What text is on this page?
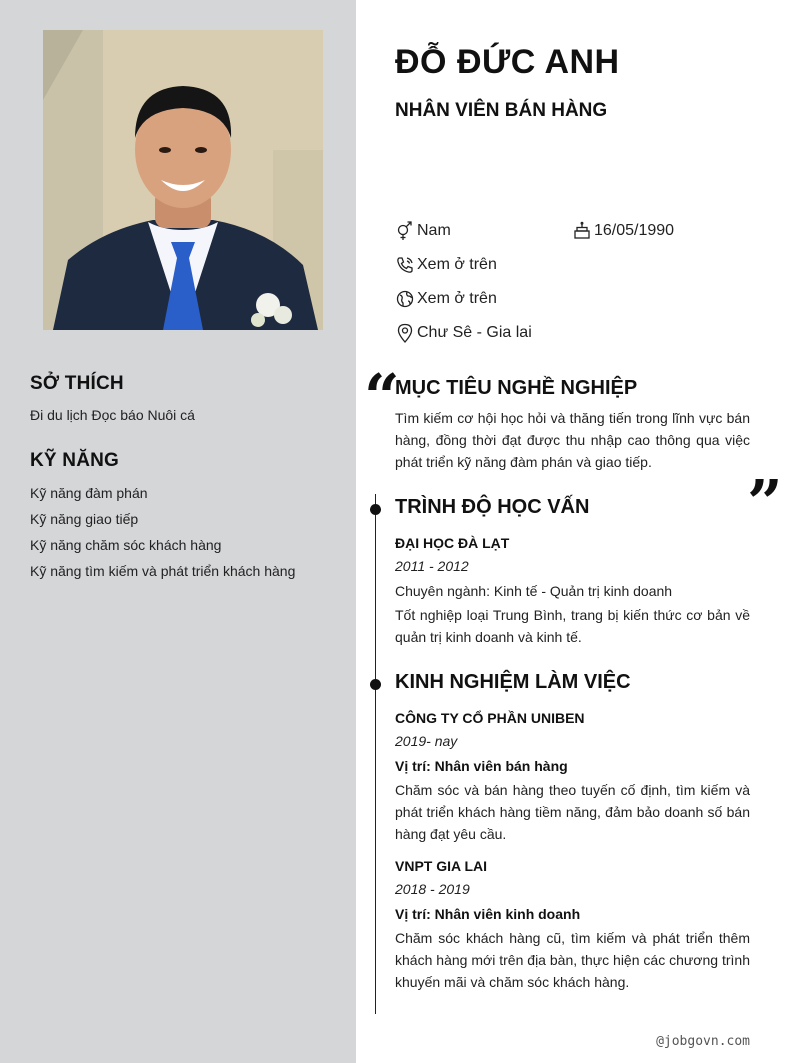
SỞ THÍCH
Đi du lịch Đọc báo Nuôi cá
KỸ NĂNG
Kỹ năng đàm phán
Kỹ năng giao tiếp
Kỹ năng chăm sóc khách hàng
Kỹ năng tìm kiếm và phát triển khách hàng
ĐỖ ĐỨC ANH
NHÂN VIÊN BÁN HÀNG
Nam	16/05/1990
Xem ở trên
Xem ở trên
Chư Sê - Gia lai
“
”
MỤC TIÊU NGHỀ NGHIỆP
Tìm kiếm cơ hội học hỏi và thăng tiến trong lĩnh vực bán hàng, đồng thời đạt được thu nhập cao thông qua việc phát triển kỹ năng đàm phán và giao tiếp.
TRÌNH ĐỘ HỌC VẤN
ĐẠI HỌC ĐÀ LẠT
2011 - 2012
Chuyên ngành: Kinh tế - Quản trị kinh doanh
Tốt nghiệp loại Trung Bình, trang bị kiến thức cơ bản về quản trị kinh doanh và kinh tế.
KINH NGHIỆM LÀM VIỆC
CÔNG TY CỔ PHẦN UNIBEN
2019- nay
Vị trí: Nhân viên bán hàng
Chăm sóc và bán hàng theo tuyến cố định, tìm kiếm và phát triển khách hàng tiềm năng, đảm bảo doanh số bán hàng đạt yêu cầu.
VNPT GIA LAI
2018 - 2019
Vị trí: Nhân viên kinh doanh
Chăm sóc khách hàng cũ, tìm kiếm và phát triển thêm khách hàng mới trên địa bàn, thực hiện các chương trình khuyến mãi và chăm sóc khách hàng.
@jobgovn.com
